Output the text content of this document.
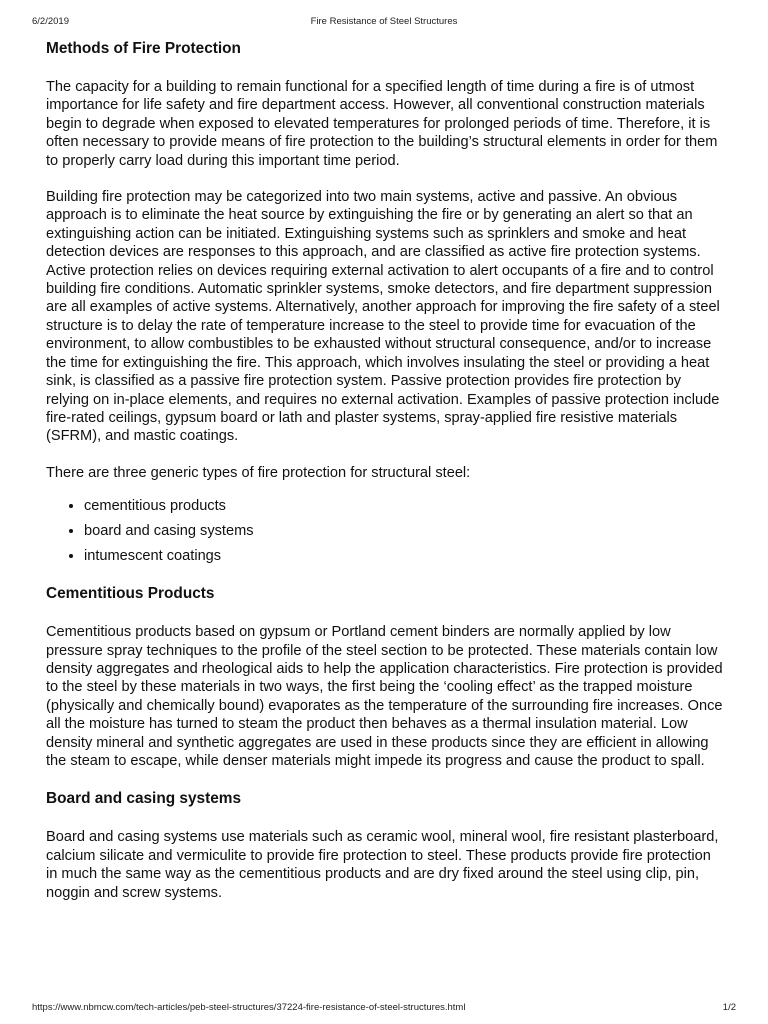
6/2/2019	Fire Resistance of Steel Structures
Methods of Fire Protection

The capacity for a building to remain functional for a specified length of time during a fire is of utmost importance for life safety and fire department access. However, all conventional construction materials begin to degrade when exposed to elevated temperatures for prolonged periods of time. Therefore, it is often necessary to provide means of fire protection to the building’s structural elements in order for them to properly carry load during this important time period.

Building fire protection may be categorized into two main systems, active and passive. An obvious approach is to eliminate the heat source by extinguishing the fire or by generating an alert so that an extinguishing action can be initiated. Extinguishing systems such as sprinklers and smoke and heat detection devices are responses to this approach, and are classified as active fire protection systems. Active protection relies on devices requiring external activation to alert occupants of a fire and to control building fire conditions. Automatic sprinkler systems, smoke detectors, and fire department suppression are all examples of active systems. Alternatively, another approach for improving the fire safety of a steel structure is to delay the rate of temperature increase to the steel to provide time for evacuation of the environment, to allow combustibles to be exhausted without structural consequence, and/or to increase the time for extinguishing the fire. This approach, which involves insulating the steel or providing a heat sink, is classified as a passive fire protection system. Passive protection provides fire protection by relying on in-place elements, and requires no external activation. Examples of passive protection include fire-rated ceilings, gypsum board or lath and plaster systems, spray-applied fire resistive materials (SFRM), and mastic coatings.

There are three generic types of fire protection for structural steel:

• cementitious products
• board and casing systems
• intumescent coatings
Cementitious Products

Cementitious products based on gypsum or Portland cement binders are normally applied by low pressure spray techniques to the profile of the steel section to be protected. These materials contain low density aggregates and rheological aids to help the application characteristics. Fire protection is provided to the steel by these materials in two ways, the first being the ‘cooling effect’ as the trapped moisture (physically and chemically bound) evaporates as the temperature of the surrounding fire increases. Once all the moisture has turned to steam the product then behaves as a thermal insulation material. Low density mineral and synthetic aggregates are used in these products since they are efficient in allowing the steam to escape, while denser materials might impede its progress and cause the product to spall.

Board and casing systems

Board and casing systems use materials such as ceramic wool, mineral wool, fire resistant plasterboard, calcium silicate and vermiculite to provide fire protection to steel. These products provide fire protection in much the same way as the cementitious products and are dry fixed around the steel using clip, pin, noggin and screw systems.

https://www.nbmcw.com/tech-articles/peb-steel-structures/37224-fire-resistance-of-steel-structures.html	1/2
